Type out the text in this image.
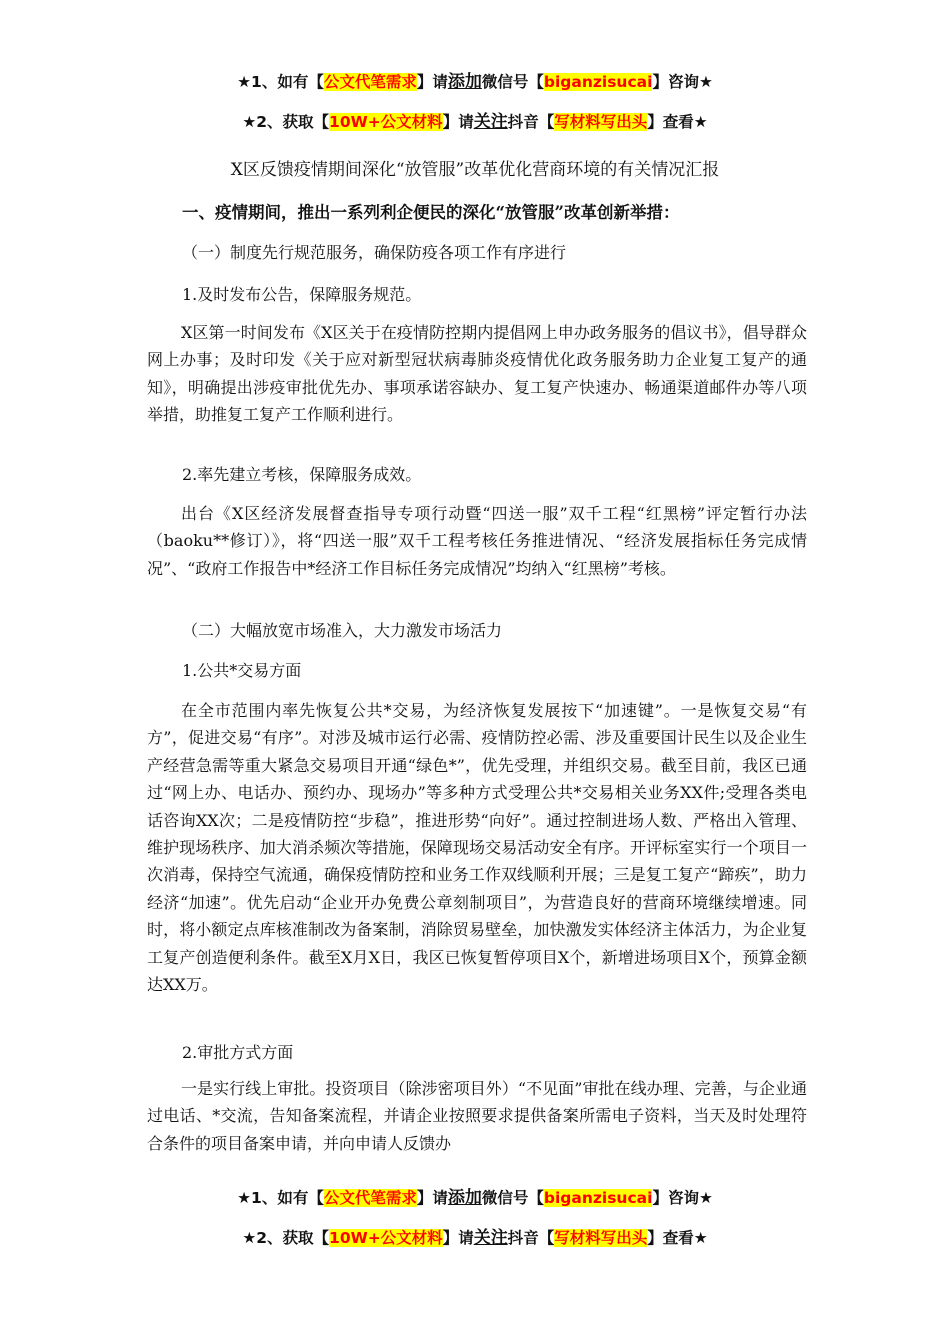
★1、如有【公文代笔需求】请添加微信号【biganzisucai】咨询★
★2、获取【10W+公文材料】请关注抖音【写材料写出头】查看★
X区反馈疫情期间深化“放管服”改革优化营商环境的有关情况汇报
一、疫情期间，推出一系列利企便民的深化“放管服”改革创新举措：
（一）制度先行规范服务，确保防疫各项工作有序进行
1.及时发布公告，保障服务规范。

X区第一时间发布《X区关于在疫情防控期内提倡网上申办政务服务的倡议书》，倡导群众网上办事；及时印发《关于应对新型冠状病毒肺炎疫情优化政务服务助力企业复工复产的通知》，明确提出涉疫审批优先办、事项承诺容缺办、复工复产快速办、畅通渠道邮件办等八项举措，助推复工复产工作顺利进行。

2.率先建立考核，保障服务成效。

出台《X区经济发展督查指导专项行动暨“四送一服”双千工程“红黑榜”评定暂行办法（baoku**修订）》，将“四送一服”双千工程考核任务推进情况、“经济发展指标任务完成情况”、“政府工作报告中*经济工作目标任务完成情况”均纳入“红黑榜”考核。

（二）大幅放宽市场准入，大力激发市场活力
1.公共*交易方面

在全市范围内率先恢复公共*交易，为经济恢复发展按下“加速键”。一是恢复交易“有方”，促进交易“有序”。对涉及城市运行必需、疫情防控必需、涉及重要国计民生以及企业生产经营急需等重大紧急交易项目开通“绿色*”，优先受理，并组织交易。截至目前，我区已通过“网上办、电话办、预约办、现场办”等多种方式受理公共*交易相关业务XX件;受理各类电话咨询XX次；二是疫情防控“步稳”，推进形势“向好”。通过控制进场人数、严格出入管理、维护现场秩序、加大消杀频次等措施，保障现场交易活动安全有序。开评标室实行一个项目一次消毒，保持空气流通，确保疫情防控和业务工作双线顺利开展；三是复工复产“蹄疾”，助力经济“加速”。优先启动“企业开办免费公章刻制项目”，为营造良好的营商环境继续增速。同时，将小额定点库核准制改为备案制，消除贸易壁垒，加快激发实体经济主体活力，为企业复工复产创造便利条件。截至X月X日，我区已恢复暂停项目X个，新增进场项目X个，预算金额达XX万。

2.审批方式方面

一是实行线上审批。投资项目（除涉密项目外）“不见面”审批在线办理、完善，与企业通过电话、*交流，告知备案流程，并请企业按照要求提供备案所需电子资料，当天及时处理符合条件的项目备案申请，并向申请人反馈办

★1、如有【公文代笔需求】请添加微信号【biganzisucai】咨询★
★2、获取【10W+公文材料】请关注抖音【写材料写出头】查看★
